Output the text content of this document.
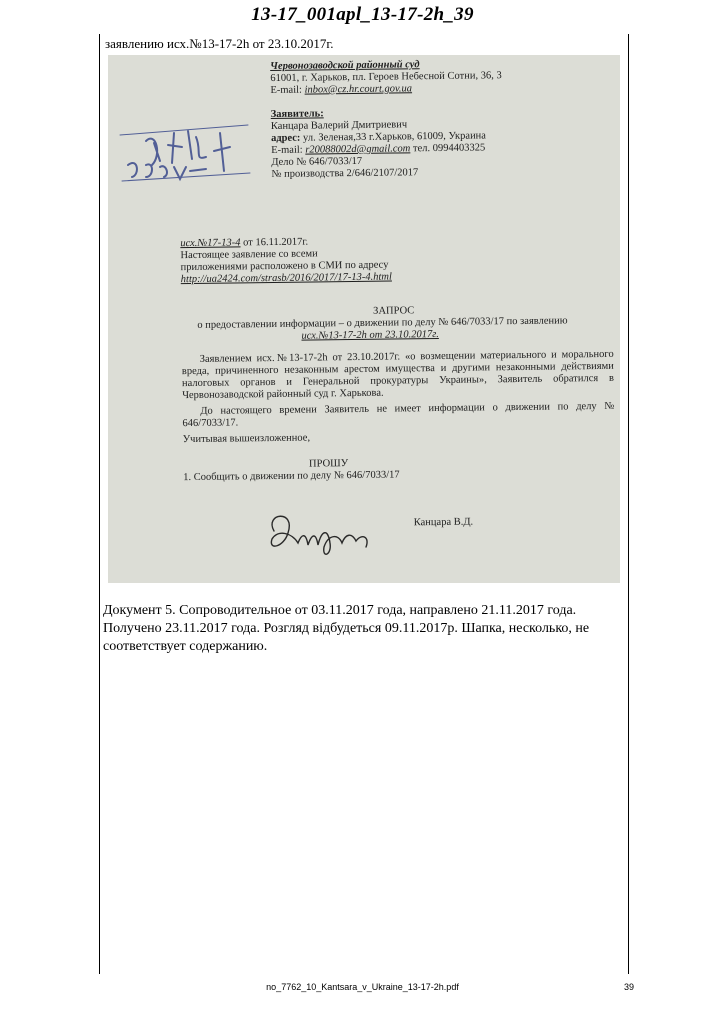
13-17_001apl_13-17-2h_39
заявлению исх.№13-17-2h от 23.10.2017г.
Червонозаводской районный суд
61001, г. Харьков, пл. Героев Небесной Сотни, 36, 3
E-mail: inbox@cz.hr.court.gov.ua
Заявитель:
Канцара Валерий Дмитриевич
адрес: ул. Зеленая,33 г.Харьков, 61009, Украина
E-mail: r20088002d@gmail.com тел. 0994403325
Дело № 646/7033/17
№ производства 2/646/2107/2017
исх.№17-13-4 от 16.11.2017г.
Настоящее заявление со всеми
приложениями расположено в СМИ по адресу
http://ua2424.com/strasb/2016/2017/17-13-4.html
ЗАПРОС
о предоставлении информации – о движении по делу № 646/7033/17 по заявлению
исх.№13-17-2h от 23.10.2017г.
Заявлением исх.№13-17-2h от 23.10.2017г. «о возмещении материального и морального вреда, причиненного незаконным арестом имущества и другими незаконными действиями налоговых органов и Генеральной прокуратуры Украины», Заявитель обратился в Червонозаводской районный суд г. Харькова.
До настоящего времени Заявитель не имеет информации о движении по делу № 646/7033/17.
Учитывая вышеизложенное,
ПРОШУ
1. Сообщить о движении по делу № 646/7033/17
Канцара В.Д.
Документ 5. Сопроводительное от 03.11.2017 года, направлено 21.11.2017 года. Получено 23.11.2017 года. Розгляд відбудеться 09.11.2017р. Шапка, несколько, не соответствует содержанию.
no_7762_10_Kantsara_v_Ukraine_13-17-2h.pdf	39
